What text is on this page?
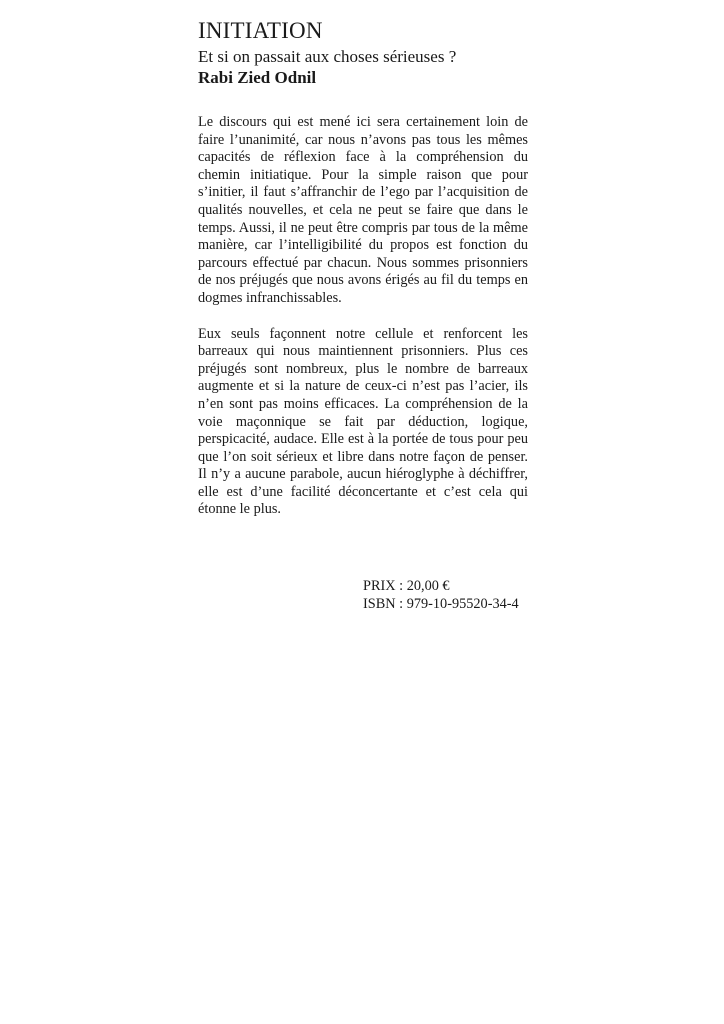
INITIATION
Et si on passait aux choses sérieuses ?
Rabi Zied Odnil

Le discours qui est mené ici sera certainement loin de faire l’unanimité, car nous n’avons pas tous les mêmes capacités de réflexion face à la compréhension du chemin initiatique. Pour la simple raison que pour s’initier, il faut s’affranchir de l’ego par l’acquisition de qualités nouvelles, et cela ne peut se faire que dans le temps. Aussi, il ne peut être compris par tous de la même manière, car l’intelligibilité du propos est fonction du parcours effectué par chacun. Nous sommes prisonniers de nos préjugés que nous avons érigés au fil du temps en dogmes infranchissables.

Eux seuls façonnent notre cellule et renforcent les barreaux qui nous maintiennent prisonniers. Plus ces préjugés sont nombreux, plus le nombre de barreaux augmente et si la nature de ceux-ci n’est pas l’acier, ils n’en sont pas moins efficaces. La compréhension de la voie maçonnique se fait par déduction, logique, perspicacité, audace. Elle est à la portée de tous pour peu que l’on soit sérieux et libre dans notre façon de penser. Il n’y a aucune parabole, aucun hiéroglyphe à déchiffrer, elle est d’une facilité déconcertante et c’est cela qui étonne le plus.

PRIX : 20,00 €
ISBN : 979-10-95520-34-4
